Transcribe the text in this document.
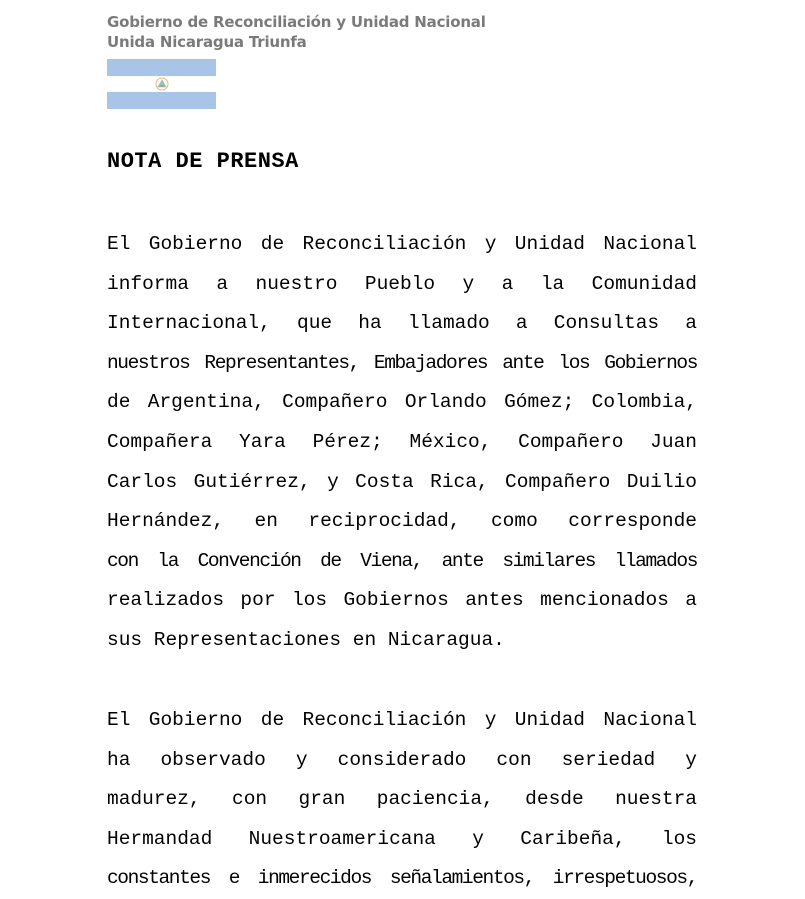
Gobierno de Reconciliación y Unidad Nacional
Unida Nicaragua Triunfa
NOTA DE PRENSA
El Gobierno de Reconciliación y Unidad Nacional
informa a nuestro Pueblo y a la Comunidad
Internacional, que ha llamado a Consultas a
nuestros Representantes, Embajadores ante los Gobiernos
de Argentina, Compañero Orlando Gómez; Colombia,
Compañera Yara Pérez; México, Compañero Juan
Carlos Gutiérrez, y Costa Rica, Compañero Duilio
Hernández, en reciprocidad, como corresponde
con la Convención de Viena, ante similares llamados
realizados por los Gobiernos antes mencionados a
sus Representaciones en Nicaragua.
El Gobierno de Reconciliación y Unidad Nacional
ha observado y considerado con seriedad y
madurez, con gran paciencia, desde nuestra
Hermandad Nuestroamericana y Caribeña, los
constantes e inmerecidos señalamientos, irrespetuosos,
